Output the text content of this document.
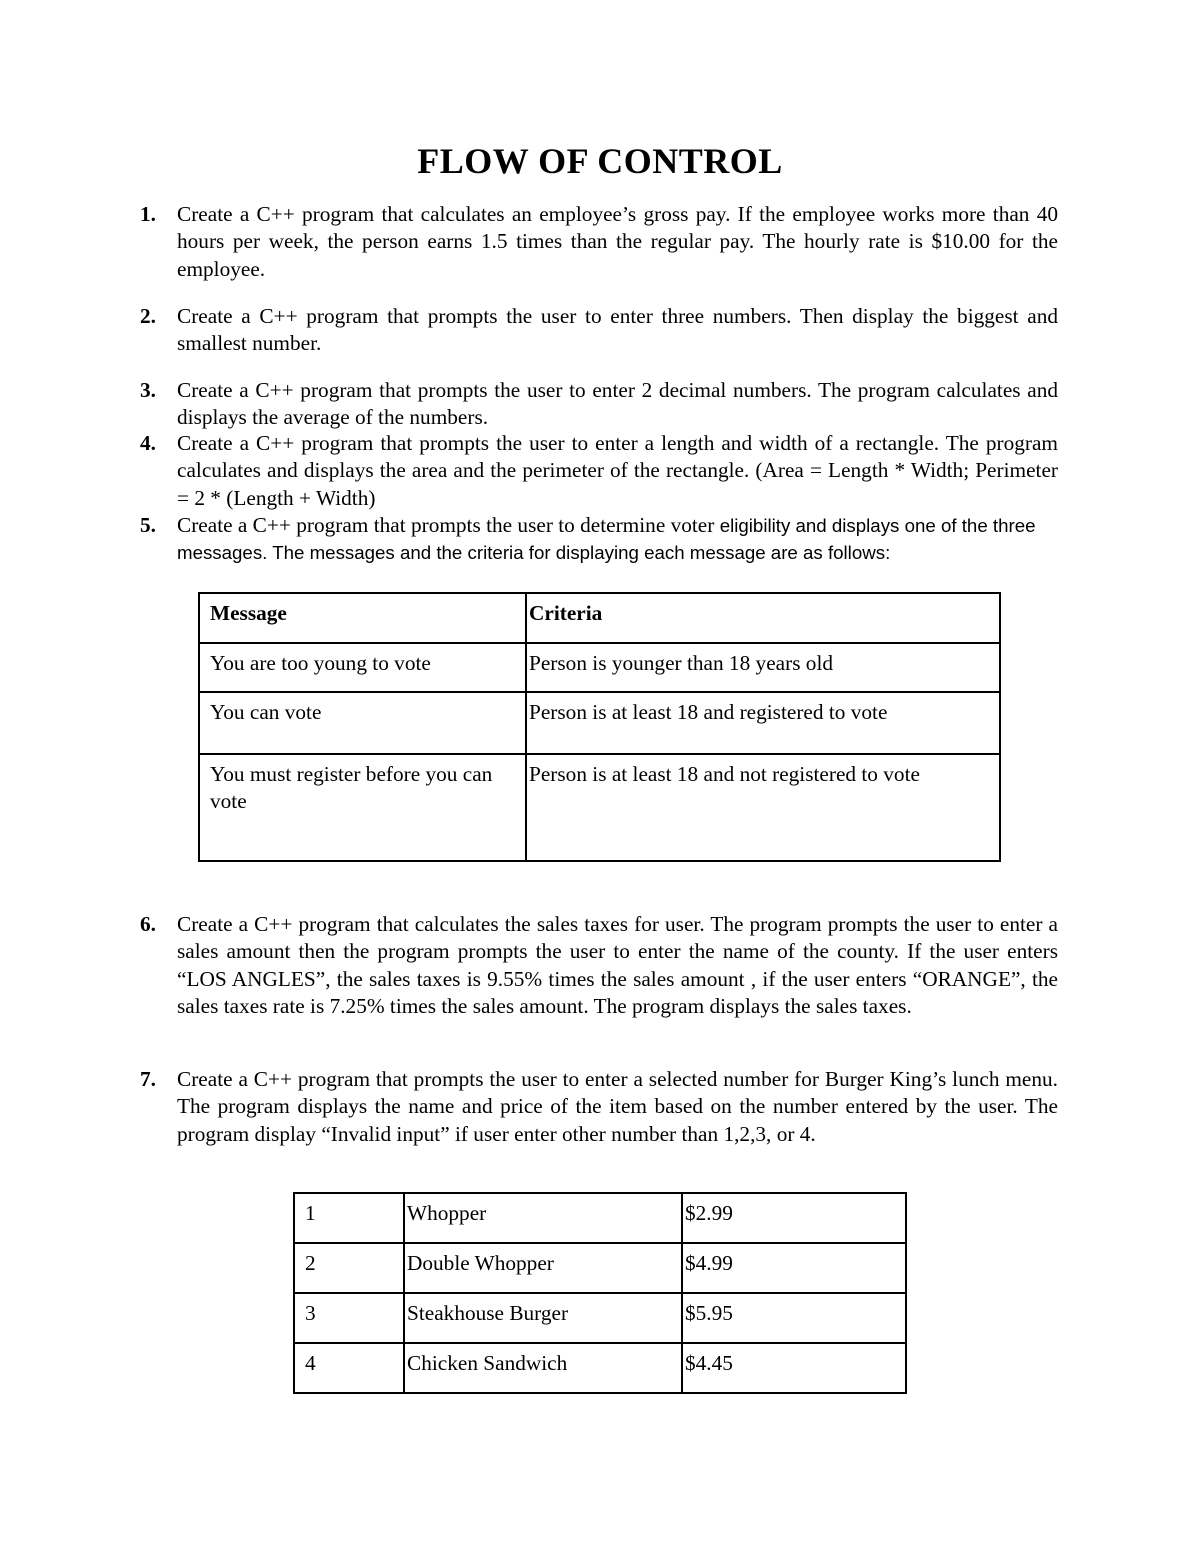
FLOW OF CONTROL
1. Create a C++ program that calculates an employee’s gross pay. If the employee works more than 40 hours per week, the person earns 1.5 times than the regular pay. The hourly rate is $10.00 for the employee.
2. Create a C++ program that prompts the user to enter three numbers. Then display the biggest and smallest number.
3. Create a C++ program that prompts the user to enter 2 decimal numbers. The program calculates and displays the average of the numbers.
4. Create a C++ program that prompts the user to enter a length and width of a rectangle. The program calculates and displays the area and the perimeter of the rectangle. (Area = Length * Width; Perimeter = 2 * (Length + Width)
5. Create a C++ program that prompts the user to determine voter eligibility and displays one of the three messages. The messages and the criteria for displaying each message are as follows:
Message	Criteria
You are too young to vote	Person is younger than 18 years old
You can vote	Person is at least 18 and registered to vote
You must register before you can vote	Person is at least 18 and not registered to vote
6. Create a C++ program that calculates the sales taxes for user. The program prompts the user to enter a sales amount then the program prompts the user to enter the name of the county. If the user enters “LOS ANGLES”, the sales taxes is 9.55% times the sales amount , if the user enters “ORANGE”, the sales taxes rate is 7.25% times the sales amount. The program displays the sales taxes.
7. Create a C++ program that prompts the user to enter a selected number for Burger King’s lunch menu. The program displays the name and price of the item based on the number entered by the user. The program display “Invalid input” if user enter other number than 1,2,3, or 4.
1	Whopper	$2.99
2	Double Whopper	$4.99
3	Steakhouse Burger	$5.95
4	Chicken Sandwich	$4.45
